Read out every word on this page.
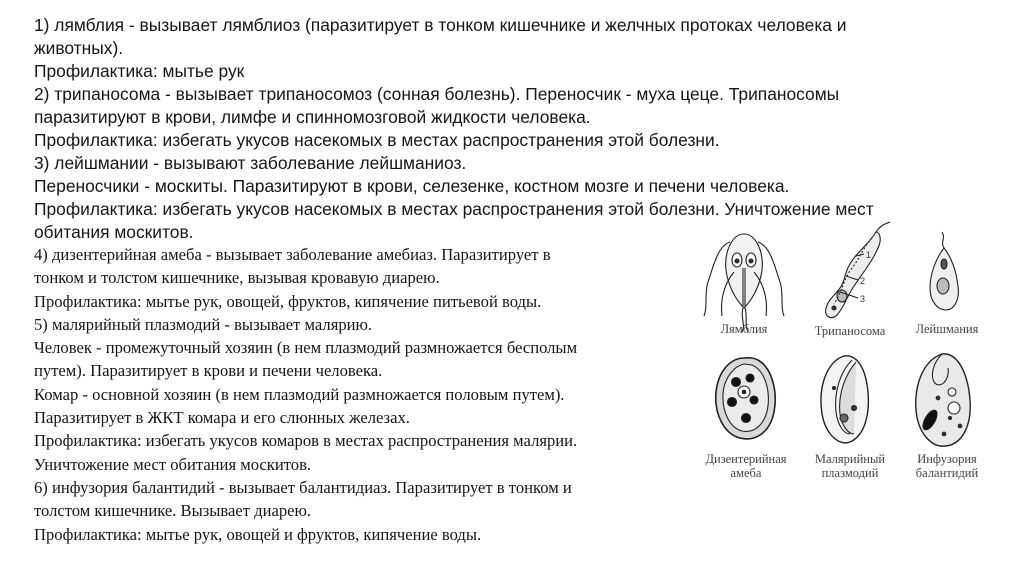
1) лямблия - вызывает лямблиоз (паразитирует в тонком кишечнике и желчных протоках человека и
животных).
Профилактика: мытье рук
2) трипаносома - вызывает трипаносомоз (сонная болезнь). Переносчик - муха цеце. Трипаносомы
паразитируют в крови, лимфе и спинномозговой жидкости человека.
Профилактика: избегать укусов насекомых в местах распространения этой болезни.
3) лейшмании - вызывают заболевание лейшманиоз.
Переносчики - москиты. Паразитируют в крови, селезенке, костном мозге и печени человека.
Профилактика: избегать укусов насекомых в местах распространения этой болезни. Уничтожение мест
обитания москитов.
4) дизентерийная амеба - вызывает заболевание амебиаз. Паразитирует в
тонком и толстом кишечнике, вызывая кровавую диарею.
Профилактика: мытье рук, овощей, фруктов, кипячение питьевой воды.
5) малярийный плазмодий - вызывает малярию.
Человек - промежуточный хозяин (в нем плазмодий размножается бесполым
путем). Паразитирует в крови и печени человека.
Комар - основной хозяин (в нем плазмодий размножается половым путем).
Паразитирует в ЖКТ комара и его слюнных железах.
Профилактика: избегать укусов комаров в местах распространения малярии.
Уничтожение мест обитания москитов.
6) инфузория балантидий - вызывает балантидиаз. Паразитирует в тонком и
толстом кишечнике. Вызывает диарею.
Профилактика: мытье рук, овощей и фруктов, кипячение воды.
1
2
3
Лямблия	Трипаносома	Лейшмания
Дизентерийная
амеба
Малярийный
плазмодий
Инфузория
балантидий
